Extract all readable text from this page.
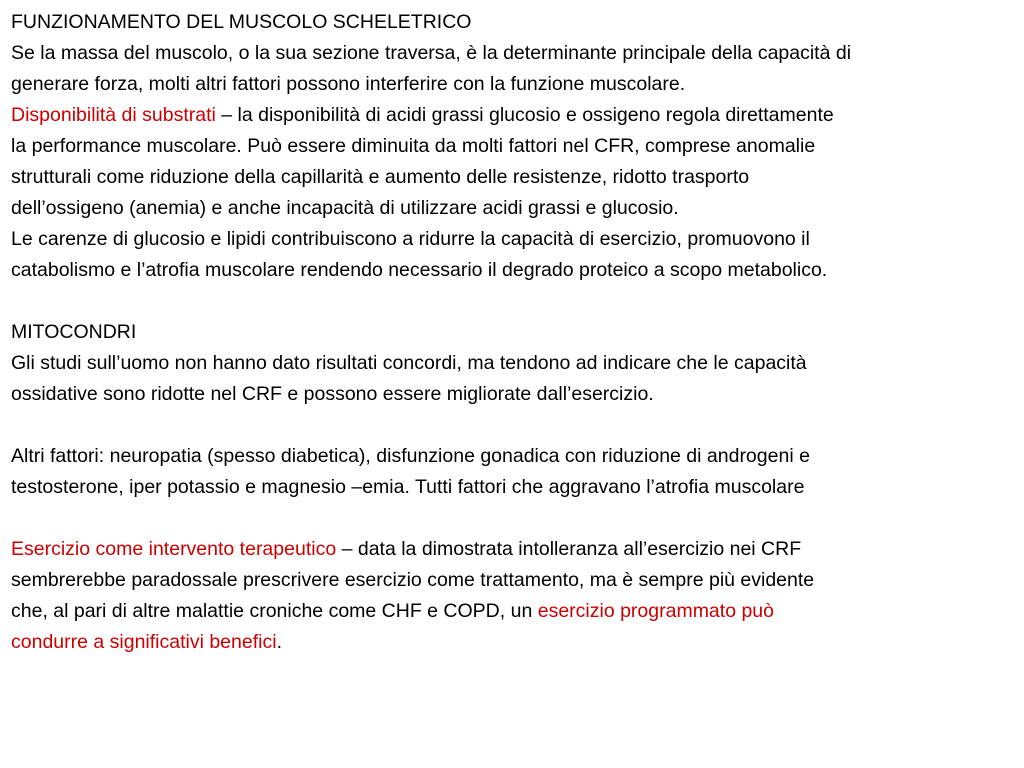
FUNZIONAMENTO DEL MUSCOLO SCHELETRICO
Se la massa del muscolo, o la sua sezione traversa, è la determinante principale della capacità di
generare forza, molti altri fattori possono interferire con la funzione muscolare.
Disponibilità di substrati – la disponibilità di acidi grassi glucosio e ossigeno regola direttamente
la performance muscolare. Può essere diminuita da molti fattori nel CFR, comprese anomalie
strutturali come riduzione della capillarità e aumento delle resistenze, ridotto trasporto
dell’ossigeno (anemia) e anche incapacità di utilizzare acidi grassi e glucosio.
Le carenze di glucosio e lipidi contribuiscono a ridurre la capacità di esercizio, promuovono il
catabolismo e l’atrofia muscolare rendendo necessario il degrado proteico a scopo metabolico.
MITOCONDRI
Gli studi sull’uomo non hanno dato risultati concordi, ma tendono ad indicare che le capacità
ossidative sono ridotte nel CRF e possono essere migliorate dall’esercizio.
Altri fattori: neuropatia (spesso diabetica), disfunzione gonadica con riduzione di androgeni e
testosterone, iper potassio e magnesio –emia. Tutti fattori che aggravano l’atrofia muscolare
Esercizio come intervento terapeutico – data la dimostrata intolleranza all’esercizio nei CRF
sembrerebbe paradossale prescrivere esercizio come trattamento, ma è sempre più evidente
che, al pari di altre malattie croniche come CHF e COPD, un esercizio programmato può
condurre a significativi benefici.
